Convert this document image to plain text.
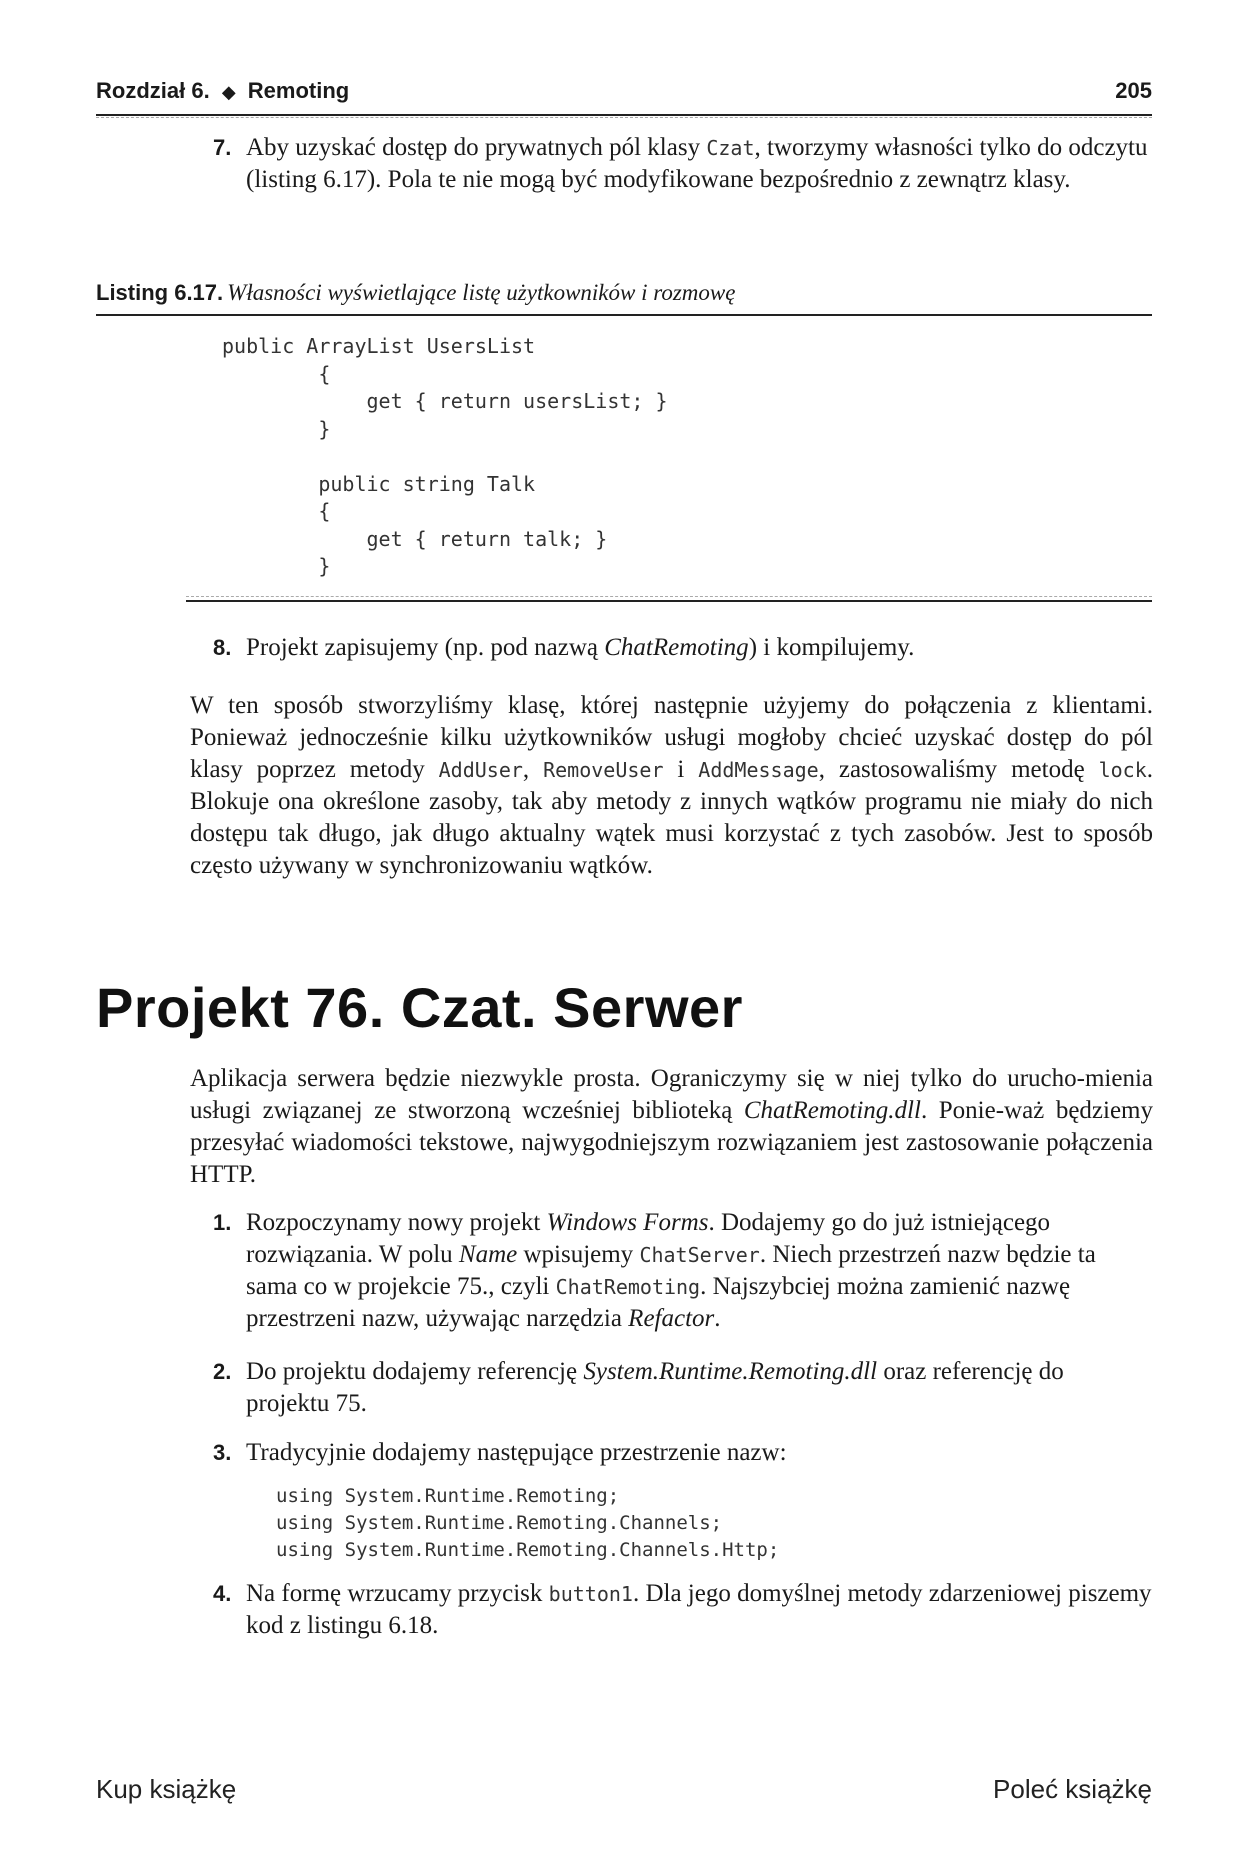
Rozdział 6. ◆ Remoting	205
7. Aby uzyskać dostęp do prywatnych pól klasy Czat, tworzymy własności tylko do odczytu (listing 6.17). Pola te nie mogą być modyfikowane bezpośrednio z zewnątrz klasy.
Listing 6.17. Własności wyświetlające listę użytkowników i rozmowę
public ArrayList UsersList
{
get { return usersList; }
}

public string Talk
{
get { return talk; }
}
8. Projekt zapisujemy (np. pod nazwą ChatRemoting) i kompilujemy.
W ten sposób stworzyliśmy klasę, której następnie użyjemy do połączenia z klientami. Ponieważ jednocześnie kilku użytkowników usługi mogłoby chcieć uzyskać dostęp do pól klasy poprzez metody AddUser, RemoveUser i AddMessage, zastosowaliśmy metodę lock. Blokuje ona określone zasoby, tak aby metody z innych wątków programu nie miały do nich dostępu tak długo, jak długo aktualny wątek musi korzystać z tych zasobów. Jest to sposób często używany w synchronizowaniu wątków.
Projekt 76. Czat. Serwer
Aplikacja serwera będzie niezwykle prosta. Ograniczymy się w niej tylko do urucho-mienia usługi związanej ze stworzoną wcześniej biblioteką ChatRemoting.dll. Ponie-waż będziemy przesyłać wiadomości tekstowe, najwygodniejszym rozwiązaniem jest zastosowanie połączenia HTTP.
1. Rozpoczynamy nowy projekt Windows Forms. Dodajemy go do już istniejącego rozwiązania. W polu Name wpisujemy ChatServer. Niech przestrzeń nazw będzie ta sama co w projekcie 75., czyli ChatRemoting. Najszybciej można zamienić nazwę przestrzeni nazw, używając narzędzia Refactor.
2. Do projektu dodajemy referencję System.Runtime.Remoting.dll oraz referencję do projektu 75.
3. Tradycyjnie dodajemy następujące przestrzenie nazw:
using System.Runtime.Remoting;
using System.Runtime.Remoting.Channels;
using System.Runtime.Remoting.Channels.Http;
4. Na formę wrzucamy przycisk button1. Dla jego domyślnej metody zdarzeniowej piszemy kod z listingu 6.18.
Kup książkę	Poleć książkę
